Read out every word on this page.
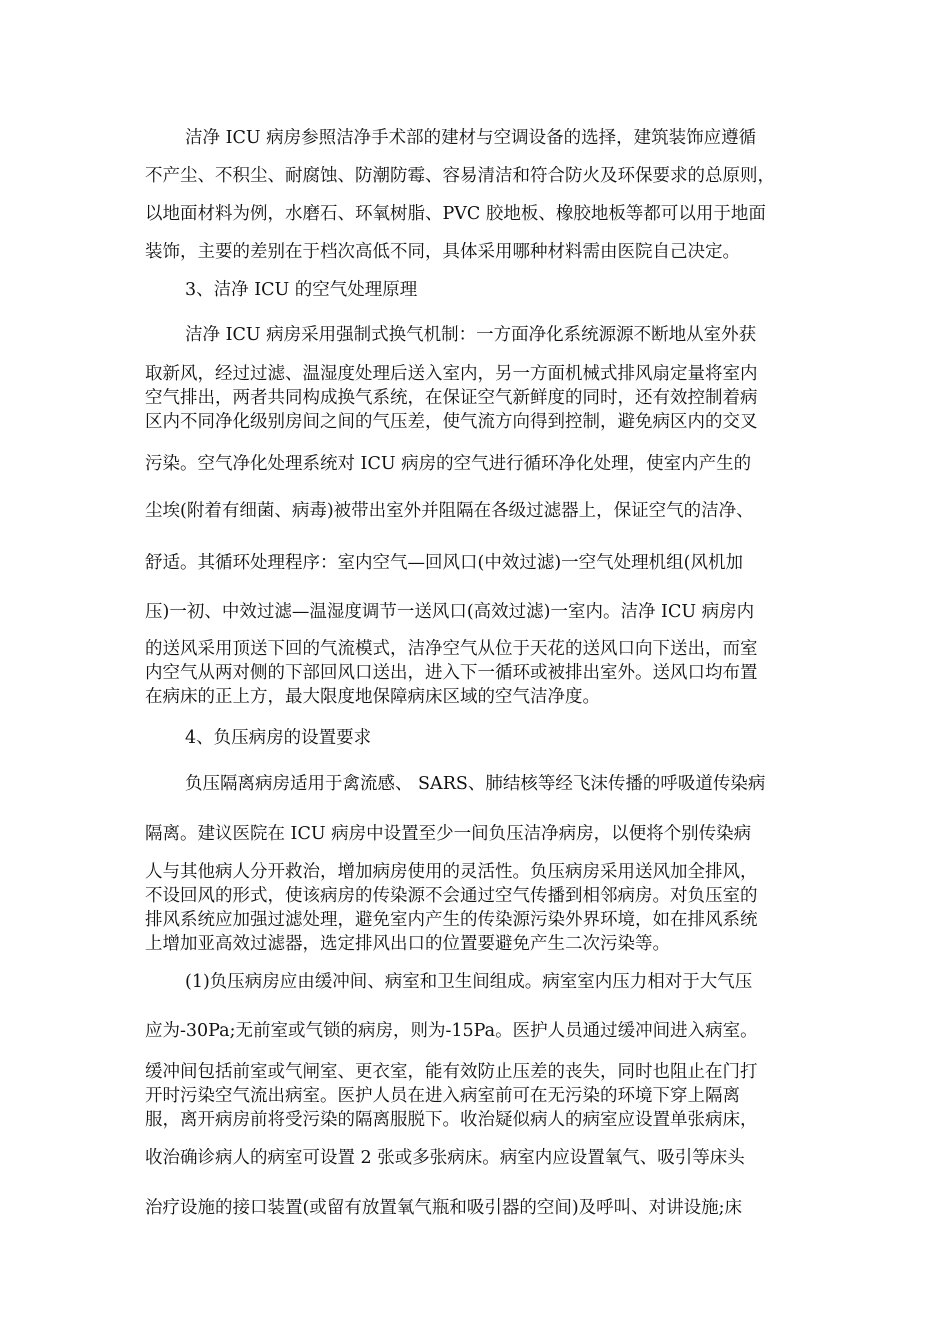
洁净 ICU 病房参照洁净手术部的建材与空调设备的选择，建筑装饰应遵循
不产尘、不积尘、耐腐蚀、防潮防霉、容易清洁和符合防火及环保要求的总原则，
以地面材料为例，水磨石、环氧树脂、PVC 胶地板、橡胶地板等都可以用于地面
装饰，主要的差别在于档次高低不同，具体采用哪种材料需由医院自己决定。
3、洁净 ICU 的空气处理原理
洁净 ICU 病房采用强制式换气机制：一方面净化系统源源不断地从室外获
取新风，经过过滤、温湿度处理后送入室内，另一方面机械式排风扇定量将室内
空气排出，两者共同构成换气系统，在保证空气新鲜度的同时，还有效控制着病
区内不同净化级别房间之间的气压差，使气流方向得到控制，避免病区内的交叉
污染。空气净化处理系统对 ICU 病房的空气进行循环净化处理，使室内产生的
尘埃(附着有细菌、病毒)被带出室外并阻隔在各级过滤器上，保证空气的洁净、
舒适。其循环处理程序：室内空气—回风口(中效过滤)一空气处理机组(风机加
压)一初、中效过滤—温湿度调节一送风口(高效过滤)一室内。洁净 ICU 病房内
的送风采用顶送下回的气流模式，洁净空气从位于天花的送风口向下送出，而室
内空气从两对侧的下部回风口送出，进入下一循环或被排出室外。送风口均布置
在病床的正上方，最大限度地保障病床区域的空气洁净度。
4、负压病房的设置要求
负压隔离病房适用于禽流感、 SARS、肺结核等经飞沫传播的呼吸道传染病
隔离。建议医院在 ICU 病房中设置至少一间负压洁净病房，以便将个别传染病
人与其他病人分开救治，增加病房使用的灵活性。负压病房采用送风加全排风，
不设回风的形式，使该病房的传染源不会通过空气传播到相邻病房。对负压室的
排风系统应加强过滤处理，避免室内产生的传染源污染外界环境，如在排风系统
上增加亚高效过滤器，选定排风出口的位置要避免产生二次污染等。
(1)负压病房应由缓冲间、病室和卫生间组成。病室室内压力相对于大气压
应为-30Pa;无前室或气锁的病房，则为-15Pa。医护人员通过缓冲间进入病室。
缓冲间包括前室或气闸室、更衣室，能有效防止压差的丧失，同时也阻止在门打
开时污染空气流出病室。医护人员在进入病室前可在无污染的环境下穿上隔离
服，离开病房前将受污染的隔离服脱下。收治疑似病人的病室应设置单张病床，
收治确诊病人的病室可设置 2 张或多张病床。病室内应设置氧气、吸引等床头
治疗设施的接口装置(或留有放置氧气瓶和吸引器的空间)及呼叫、对讲设施;床
